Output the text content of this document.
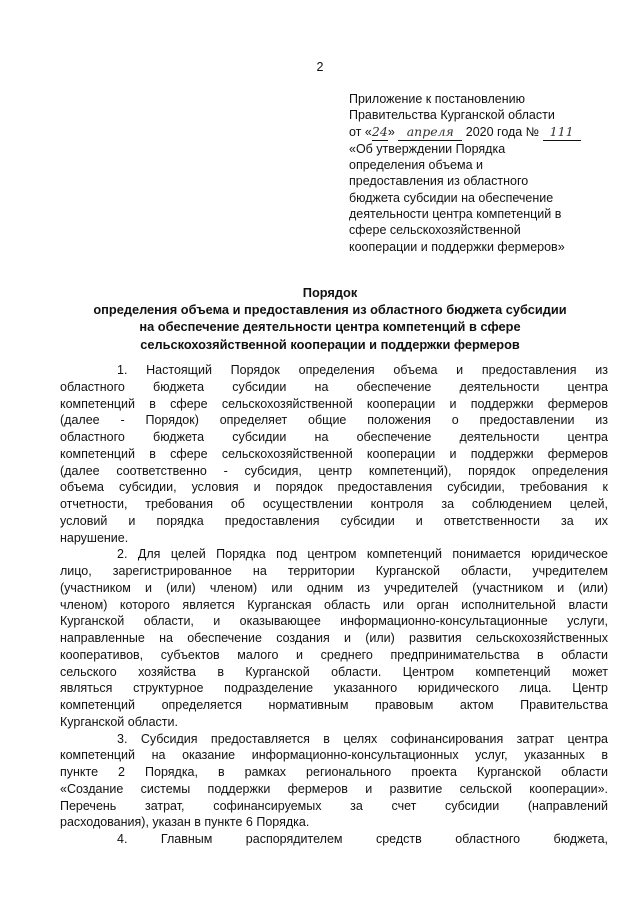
2
Приложение к постановлению
Правительства Курганской области
от «24» апреля 2020 года № 111
«Об утверждении Порядка
определения объема и
предоставления из областного
бюджета субсидии на обеспечение
деятельности центра компетенций в
сфере сельскохозяйственной
кооперации и поддержки фермеров»
Порядок
определения объема и предоставления из областного бюджета субсидии
на обеспечение деятельности центра компетенций в сфере
сельскохозяйственной кооперации и поддержки фермеров
1. Настоящий Порядок определения объема и предоставления из
областного бюджета субсидии на обеспечение деятельности центра
компетенций в сфере сельскохозяйственной кооперации и поддержки фермеров
(далее - Порядок) определяет общие положения о предоставлении из
областного бюджета субсидии на обеспечение деятельности центра
компетенций в сфере сельскохозяйственной кооперации и поддержки фермеров
(далее соответственно - субсидия, центр компетенций), порядок определения
объема субсидии, условия и порядок предоставления субсидии, требования к
отчетности, требования об осуществлении контроля за соблюдением целей,
условий и порядка предоставления субсидии и ответственности за их
нарушение.
2. Для целей Порядка под центром компетенций понимается юридическое
лицо, зарегистрированное на территории Курганской области, учредителем
(участником и (или) членом) или одним из учредителей (участником и (или)
членом) которого является Курганская область или орган исполнительной власти
Курганской области, и оказывающее информационно-консультационные услуги,
направленные на обеспечение создания и (или) развития сельскохозяйственных
кооперативов, субъектов малого и среднего предпринимательства в области
сельского хозяйства в Курганской области. Центром компетенций может
являться структурное подразделение указанного юридического лица. Центр
компетенций определяется нормативным правовым актом Правительства
Курганской области.
3. Субсидия предоставляется в целях софинансирования затрат центра
компетенций на оказание информационно-консультационных услуг, указанных в
пункте 2 Порядка, в рамках регионального проекта Курганской области
«Создание системы поддержки фермеров и развитие сельской кооперации».
Перечень затрат, софинансируемых за счет субсидии (направлений
расходования), указан в пункте 6 Порядка.
4. Главным распорядителем средств областного бюджета,
